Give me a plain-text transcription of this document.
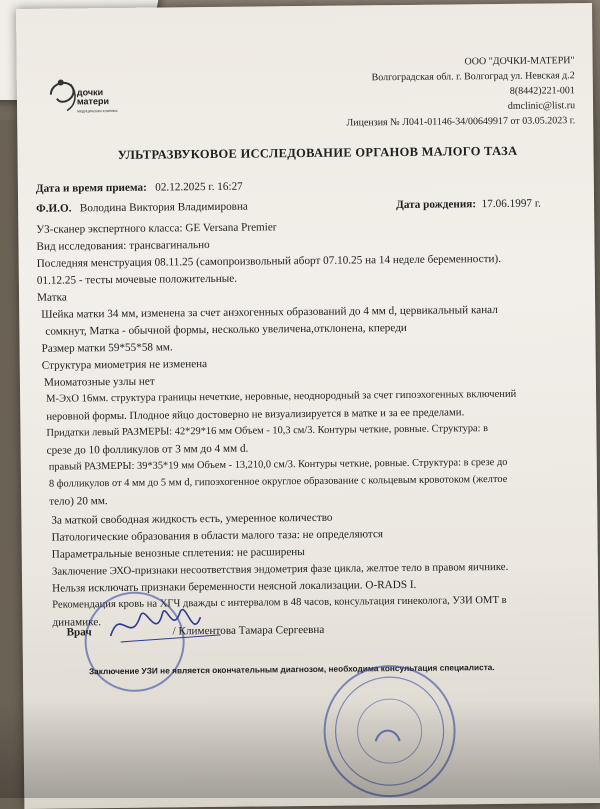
дочки
матери
медицинская клиника
ООО "ДОЧКИ-МАТЕРИ"
Волгоградская обл. г. Волгоград ул. Невская д.2
8(8442)221-001
dmclinic@list.ru
Лицензия № Л041-01146-34/00649917 от 03.05.2023 г.
УЛЬТРАЗВУКОВОЕ ИССЛЕДОВАНИЕ ОРГАНОВ МАЛОГО ТАЗА
Дата и время приема: 02.12.2025 г. 16:27
Ф.И.О. Володина Виктория Владимировна	Дата рождения: 17.06.1997 г.
УЗ-сканер экспертного класса: GE Versana Premier
Вид исследования: трансвагинально
Последняя менструация 08.11.25 (самопроизвольный аборт 07.10.25 на 14 неделе беременности).
01.12.25 - тесты мочевые положительные.
Матка
Шейка матки 34 мм, изменена за счет анэхогенных образований до 4 мм d, цервикальный канал
сомкнут, Матка - обычной формы, несколько увеличена,отклонена, кпереди
Размер матки 59*55*58 мм.
Структура миометрия не изменена
Миоматозные узлы нет
М-ЭхО 16мм. структура границы нечеткие, неровные, неоднородный за счет гипоэхогенных включений
неровной формы. Плодное яйцо достоверно не визуализируется в матке и за ее пределами.
Придатки левый РАЗМЕРЫ: 42*29*16 мм Объем - 10,3 см/3. Контуры четкие, ровные. Структура: в
срезе до 10 фолликулов от 3 мм до 4 мм d.
правый РАЗМЕРЫ: 39*35*19 мм Объем - 13,210,0 см/3. Контуры четкие, ровные. Структура: в срезе до
8 фолликулов от 4 мм до 5 мм d, гипоэхогенное округлое образование с кольцевым кровотоком (желтое
тело) 20 мм.
За маткой свободная жидкость есть, умеренное количество
Патологические образования в области малого таза: не определяются
Параметральные венозные сплетения: не расширены
Заключение ЭХО-признаки несоответствия эндометрия фазе цикла, желтое тело в правом яичнике.
Нельзя исключать признаки беременности неясной локализации. O-RADS I.
Рекомендация кровь на ХГЧ дважды с интервалом в 48 часов, консультация гинеколога, УЗИ ОМТ в
динамике.
Врач	/ Климентова Тамара Сергеевна
Заключение УЗИ не является окончательным диагнозом, необходима консультация специалиста.
